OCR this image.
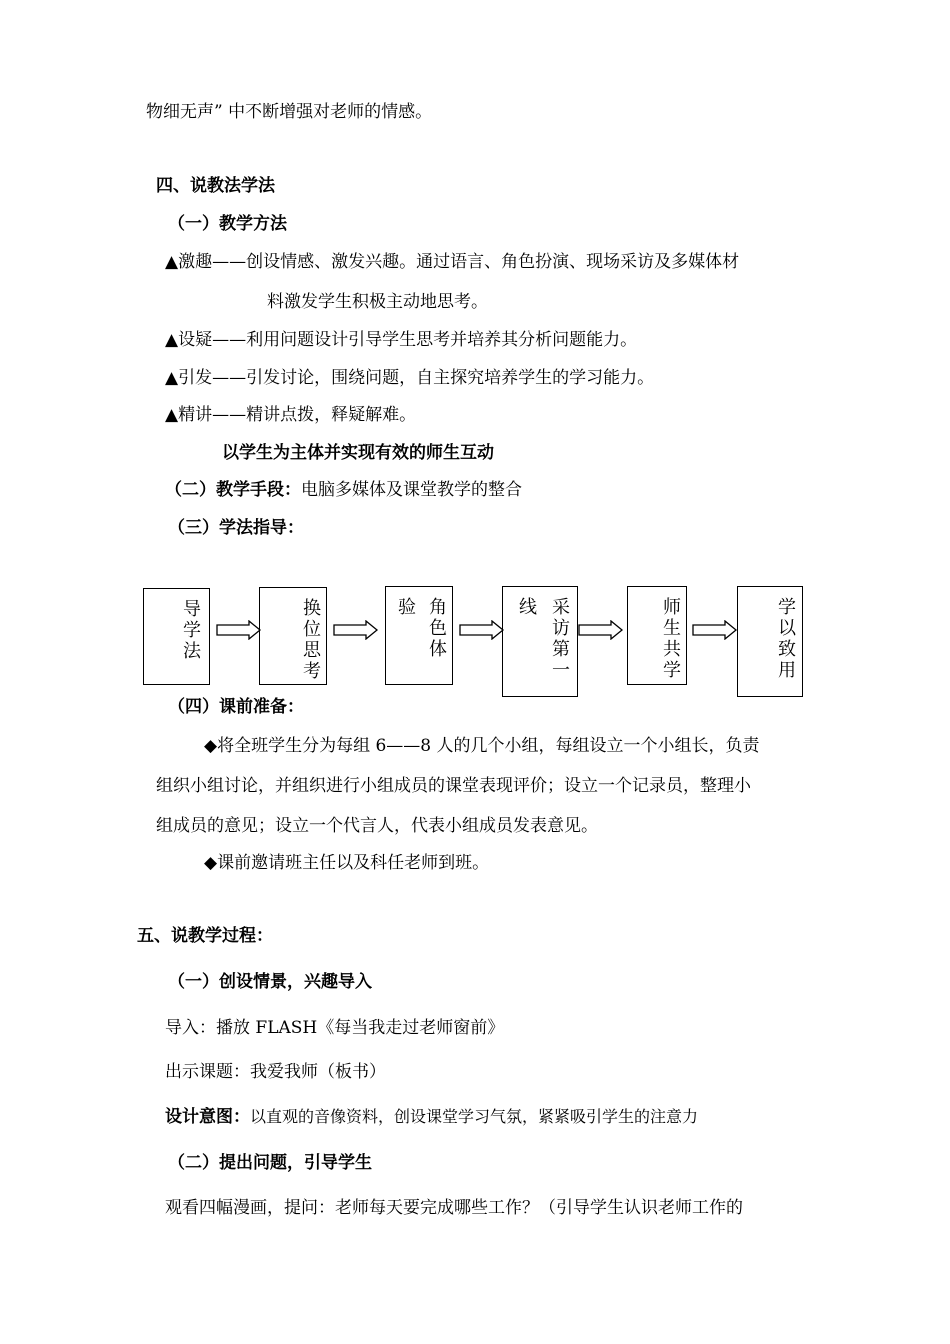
物细无声” 中不断增强对老师的情感。
四、说教法学法
（一）教学方法
▲激趣——创设情感、激发兴趣。通过语言、角色扮演、现场采访及多媒体材
料激发学生积极主动地思考。
▲设疑——利用问题设计引导学生思考并培养其分析问题能力。
▲引发——引发讨论，围绕问题，自主探究培养学生的学习能力。
▲精讲——精讲点拨，释疑解难。
以学生为主体并实现有效的师生互动
（二）教学手段：电脑多媒体及课堂教学的整合
（三）学法指导：
导学法
换位思考
验 角色体
线 采访第一
师生共学
学以致用
（四）课前准备：
◆将全班学生分为每组 6——8 人的几个小组，每组设立一个小组长，负责
组织小组讨论，并组织进行小组成员的课堂表现评价；设立一个记录员，整理小
组成员的意见；设立一个代言人，代表小组成员发表意见。
◆课前邀请班主任以及科任老师到班。
五、说教学过程：
（一）创设情景，兴趣导入
导入：播放 FLASH《每当我走过老师窗前》
出示课题：我爱我师（板书）
设计意图：以直观的音像资料，创设课堂学习气氛，紧紧吸引学生的注意力
（二）提出问题，引导学生
观看四幅漫画，提问：老师每天要完成哪些工作？（引导学生认识老师工作的
